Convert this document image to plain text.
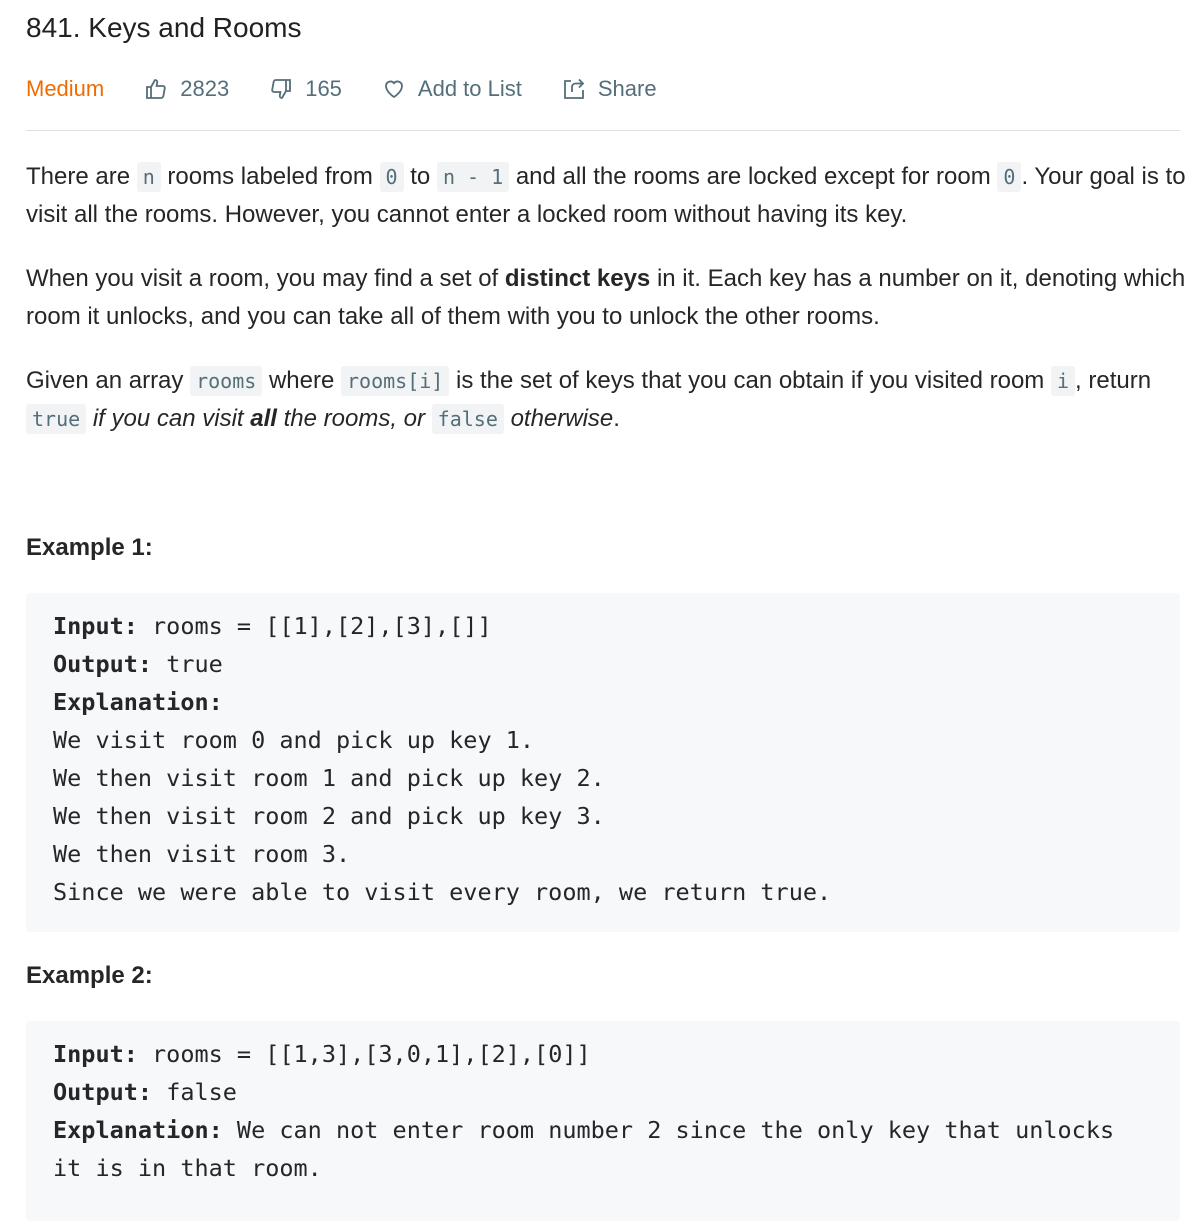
841. Keys and Rooms
Medium	2823	165	Add to List	Share

There are n rooms labeled from 0 to n - 1 and all the rooms are locked except for room 0 . Your goal is to visit all the rooms. However, you cannot enter a locked room without having its key.

When you visit a room, you may find a set of distinct keys in it. Each key has a number on it, denoting which room it unlocks, and you can take all of them with you to unlock the other rooms.

Given an array rooms where rooms[i] is the set of keys that you can obtain if you visited room i , return true if you can visit all the rooms, or false otherwise.

Example 1:
Input: rooms = [[1],[2],[3],[]]
Output: true
Explanation:
We visit room 0 and pick up key 1.
We then visit room 1 and pick up key 2.
We then visit room 2 and pick up key 3.
We then visit room 3.
Since we were able to visit every room, we return true.
Example 2:
Input: rooms = [[1,3],[3,0,1],[2],[0]]
Output: false
Explanation: We can not enter room number 2 since the only key that unlocks
it is in that room.
